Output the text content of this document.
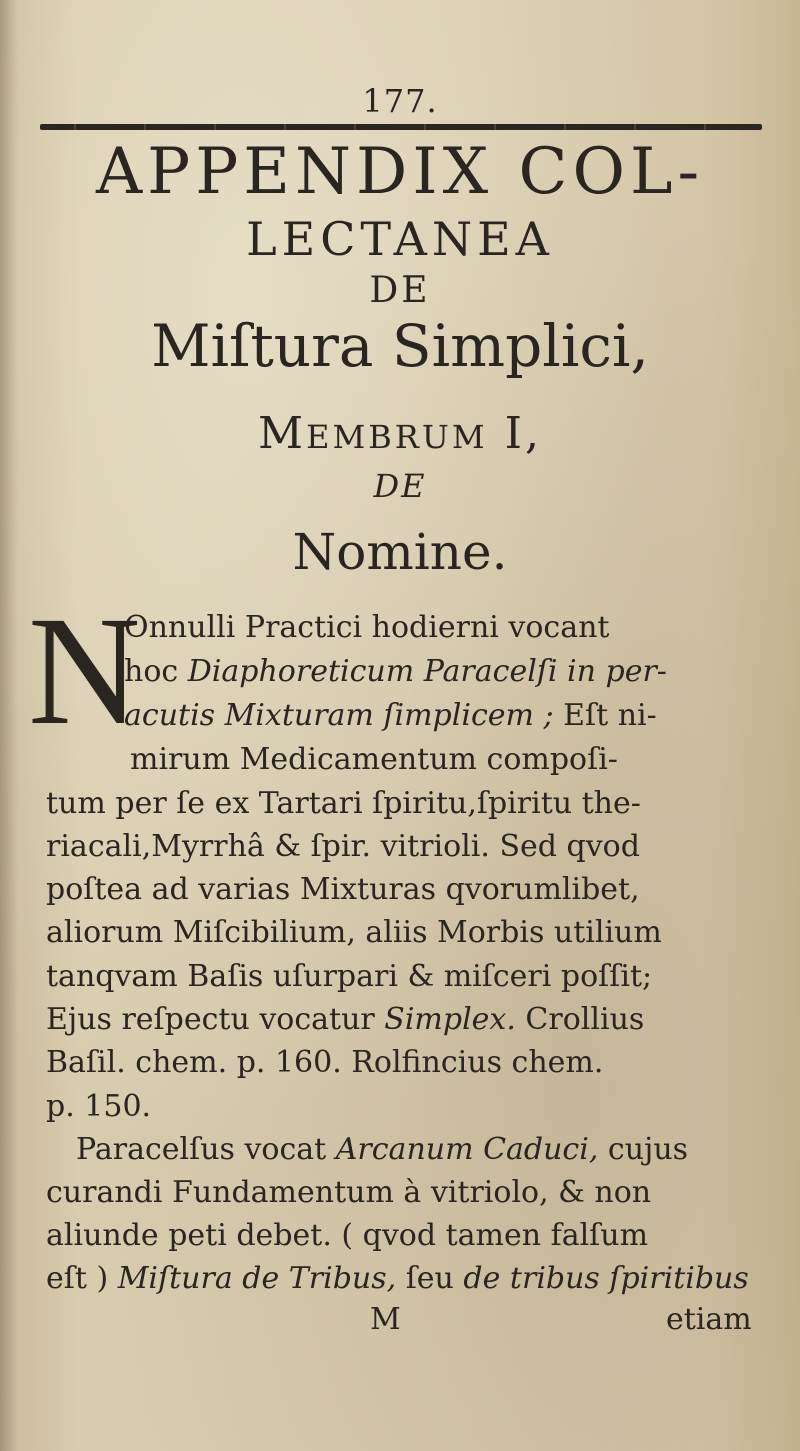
177.
APPENDIX COL-
LECTANEA
DE
Miſtura Simplici,
MEMBRUM I,
DE
Nomine.
N
Onnulli Practici hodierni vocant
hoc Diaphoreticum Paracelſi in per-
acutis Mixturam ſimplicem ; Eſt ni-
mirum Medicamentum compoſi-
tum per ſe ex Tartari ſpiritu,ſpiritu the-
riacali,Myrrhâ & ſpir. vitrioli. Sed qvod
poſtea ad varias Mixturas qvorumlibet,
aliorum Miſcibilium, aliis Morbis utilium
tanqvam Baſis uſurpari & miſceri poſſit;
Ejus reſpectu vocatur Simplex. Crollius
Baſil. chem. p. 160. Rolfincius chem.
p. 150.
Paracelſus vocat Arcanum Caduci, cujus
curandi Fundamentum à vitriolo, & non
aliunde peti debet. ( qvod tamen falſum
eſt ) Miſtura de Tribus, ſeu de tribus ſpiritibus
M	etiam
